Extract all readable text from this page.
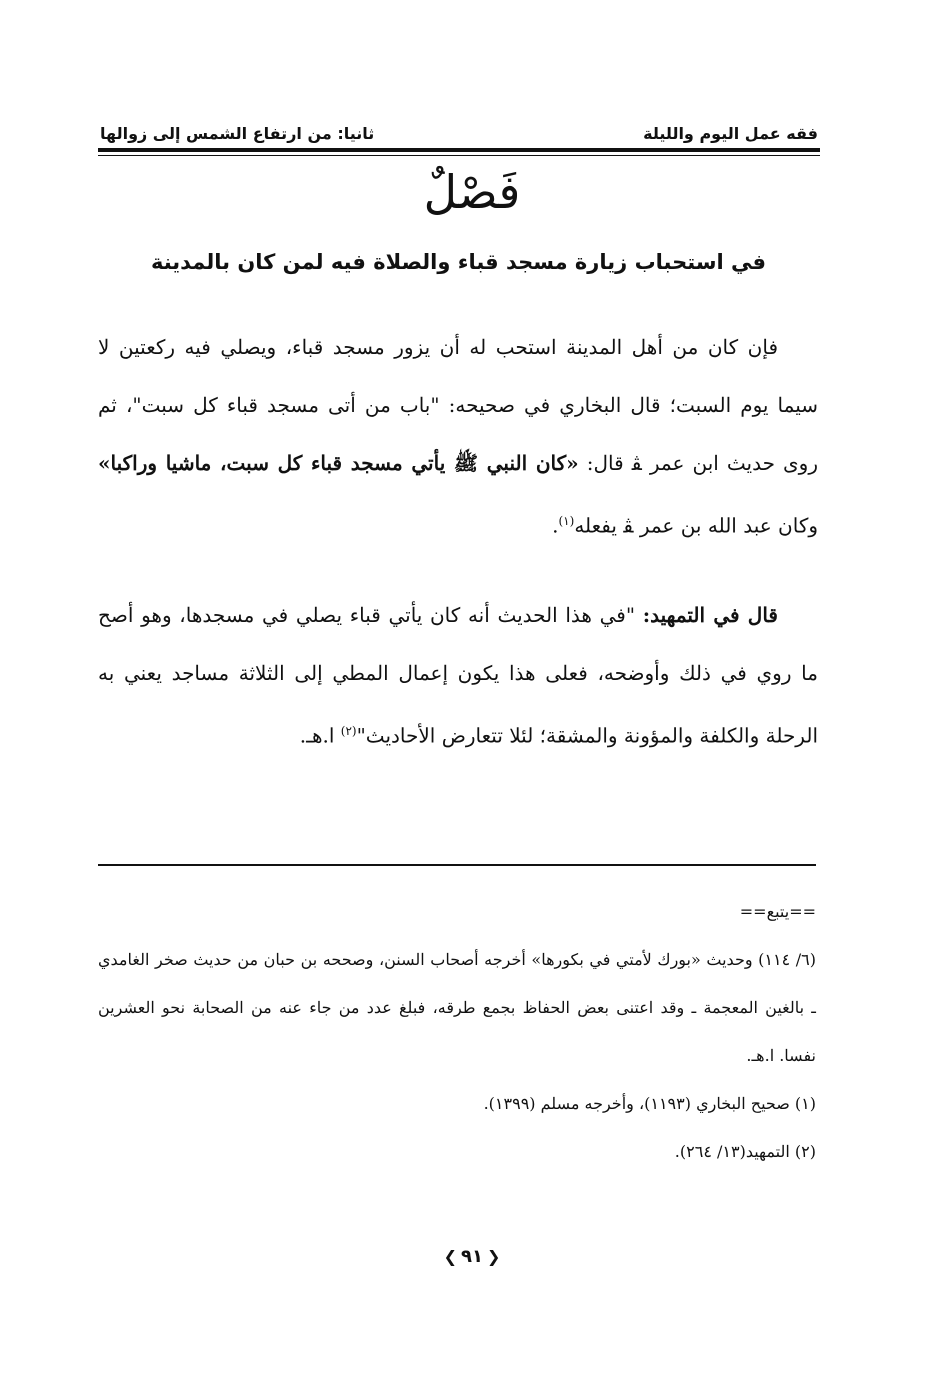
فقه عمل اليوم والليلة
ثانيا: من ارتفاع الشمس إلى زوالها
فَصْلٌ
في استحباب زيارة مسجد قباء والصلاة فيه لمن كان بالمدينة

فإن كان من أهل المدينة استحب له أن يزور مسجد قباء، ويصلي فيه ركعتين لا سيما يوم السبت؛ قال البخاري في صحيحه: "باب من أتى مسجد قباء كل سبت"، ثم روى حديث ابن عمر ﭭ قال: «كان النبي ﷺ يأتي مسجد قباء كل سبت، ماشيا وراكبا» وكان عبد الله بن عمر ﭭ يفعله$^{(١)}$.

قال في التمهيد: "في هذا الحديث أنه كان يأتي قباء يصلي في مسجدها، وهو أصح ما روي في ذلك وأوضحه، فعلى هذا يكون إعمال المطي إلى الثلاثة مساجد يعني به الرحلة والكلفة والمؤونة والمشقة؛ لئلا تتعارض الأحاديث"$^{(٢)}$ ا.هـ.

==يتبع==

(٦/ ١١٤) وحديث «بورك لأمتي في بكورها» أخرجه أصحاب السنن، وصححه بن حبان من حديث صخر الغامدي ـ بالغين المعجمة ـ وقد اعتنى بعض الحفاظ بجمع طرقه، فبلغ عدد من جاء عنه من الصحابة نحو العشرين نفسا. ا.هـ.

(١) صحيح البخاري (١١٩٣)، وأخرجه مسلم (١٣٩٩).

(٢) التمهيد(١٣/ ٢٦٤).

❮٩١❯
